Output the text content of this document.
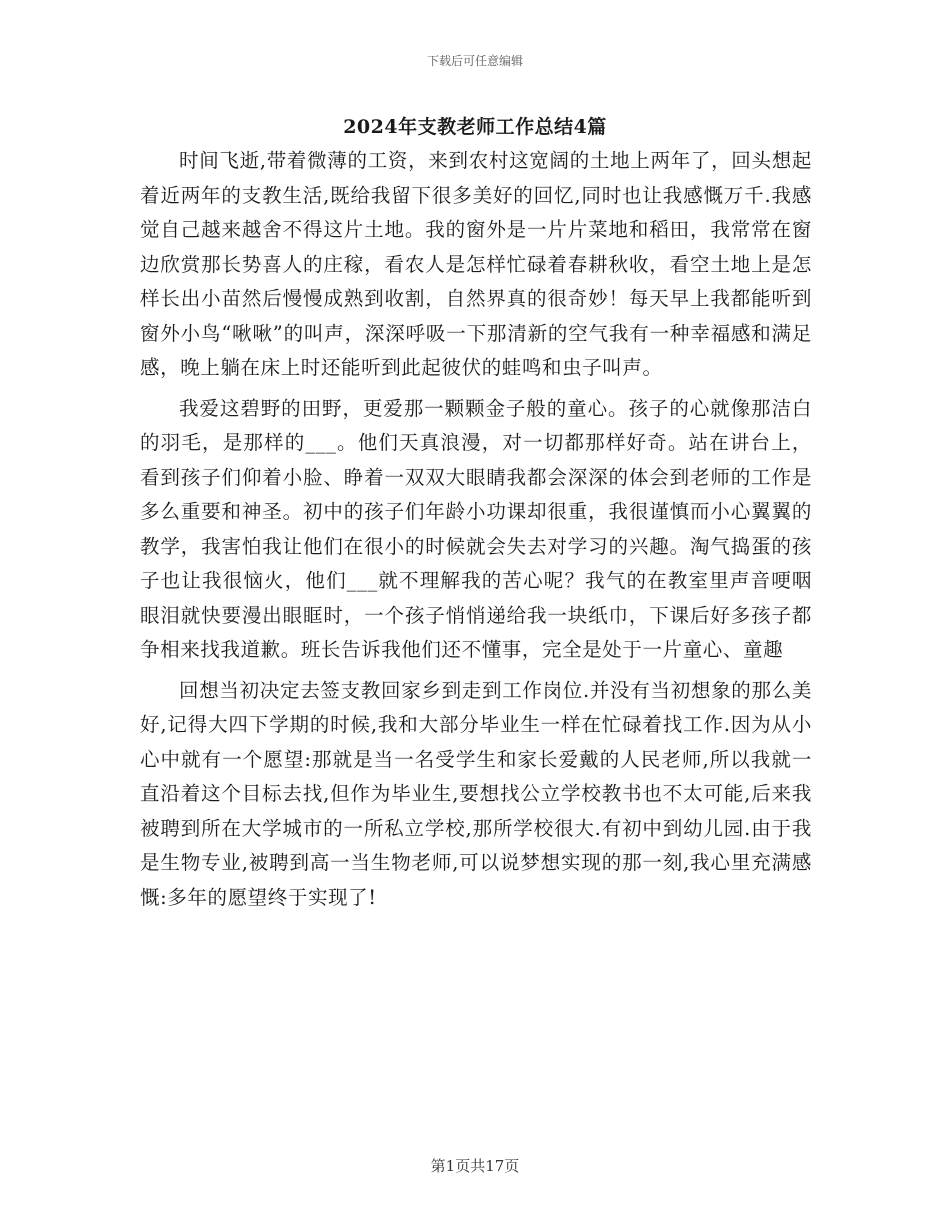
下载后可任意编辑
2024年支教老师工作总结4篇

时间飞逝,带着微薄的工资，来到农村这宽阔的土地上两年了，回头想起着近两年的支教生活,既给我留下很多美好的回忆,同时也让我感慨万千.我感觉自己越来越舍不得这片土地。我的窗外是一片片菜地和稻田，我常常在窗边欣赏那长势喜人的庄稼，看农人是怎样忙碌着春耕秋收，看空土地上是怎样长出小苗然后慢慢成熟到收割，自然界真的很奇妙！每天早上我都能听到窗外小鸟“啾啾”的叫声，深深呼吸一下那清新的空气我有一种幸福感和满足感，晚上躺在床上时还能听到此起彼伏的蛙鸣和虫子叫声。

我爱这碧野的田野，更爱那一颗颗金子般的童心。孩子的心就像那洁白的羽毛，是那样的___。他们天真浪漫，对一切都那样好奇。站在讲台上，看到孩子们仰着小脸、睁着一双双大眼睛我都会深深的体会到老师的工作是多么重要和神圣。初中的孩子们年龄小功课却很重，我很谨慎而小心翼翼的教学，我害怕我让他们在很小的时候就会失去对学习的兴趣。淘气捣蛋的孩子也让我很恼火，他们___就不理解我的苦心呢？我气的在教室里声音哽咽眼泪就快要漫出眼眶时，一个孩子悄悄递给我一块纸巾，下课后好多孩子都争相来找我道歉。班长告诉我他们还不懂事，完全是处于一片童心、童趣

回想当初决定去签支教回家乡到走到工作岗位.并没有当初想象的那么美好,记得大四下学期的时候,我和大部分毕业生一样在忙碌着找工作.因为从小心中就有一个愿望:那就是当一名受学生和家长爱戴的人民老师,所以我就一直沿着这个目标去找,但作为毕业生,要想找公立学校教书也不太可能,后来我被聘到所在大学城市的一所私立学校,那所学校很大.有初中到幼儿园.由于我是生物专业,被聘到高一当生物老师,可以说梦想实现的那一刻,我心里充满感慨:多年的愿望终于实现了!

第1页共17页
